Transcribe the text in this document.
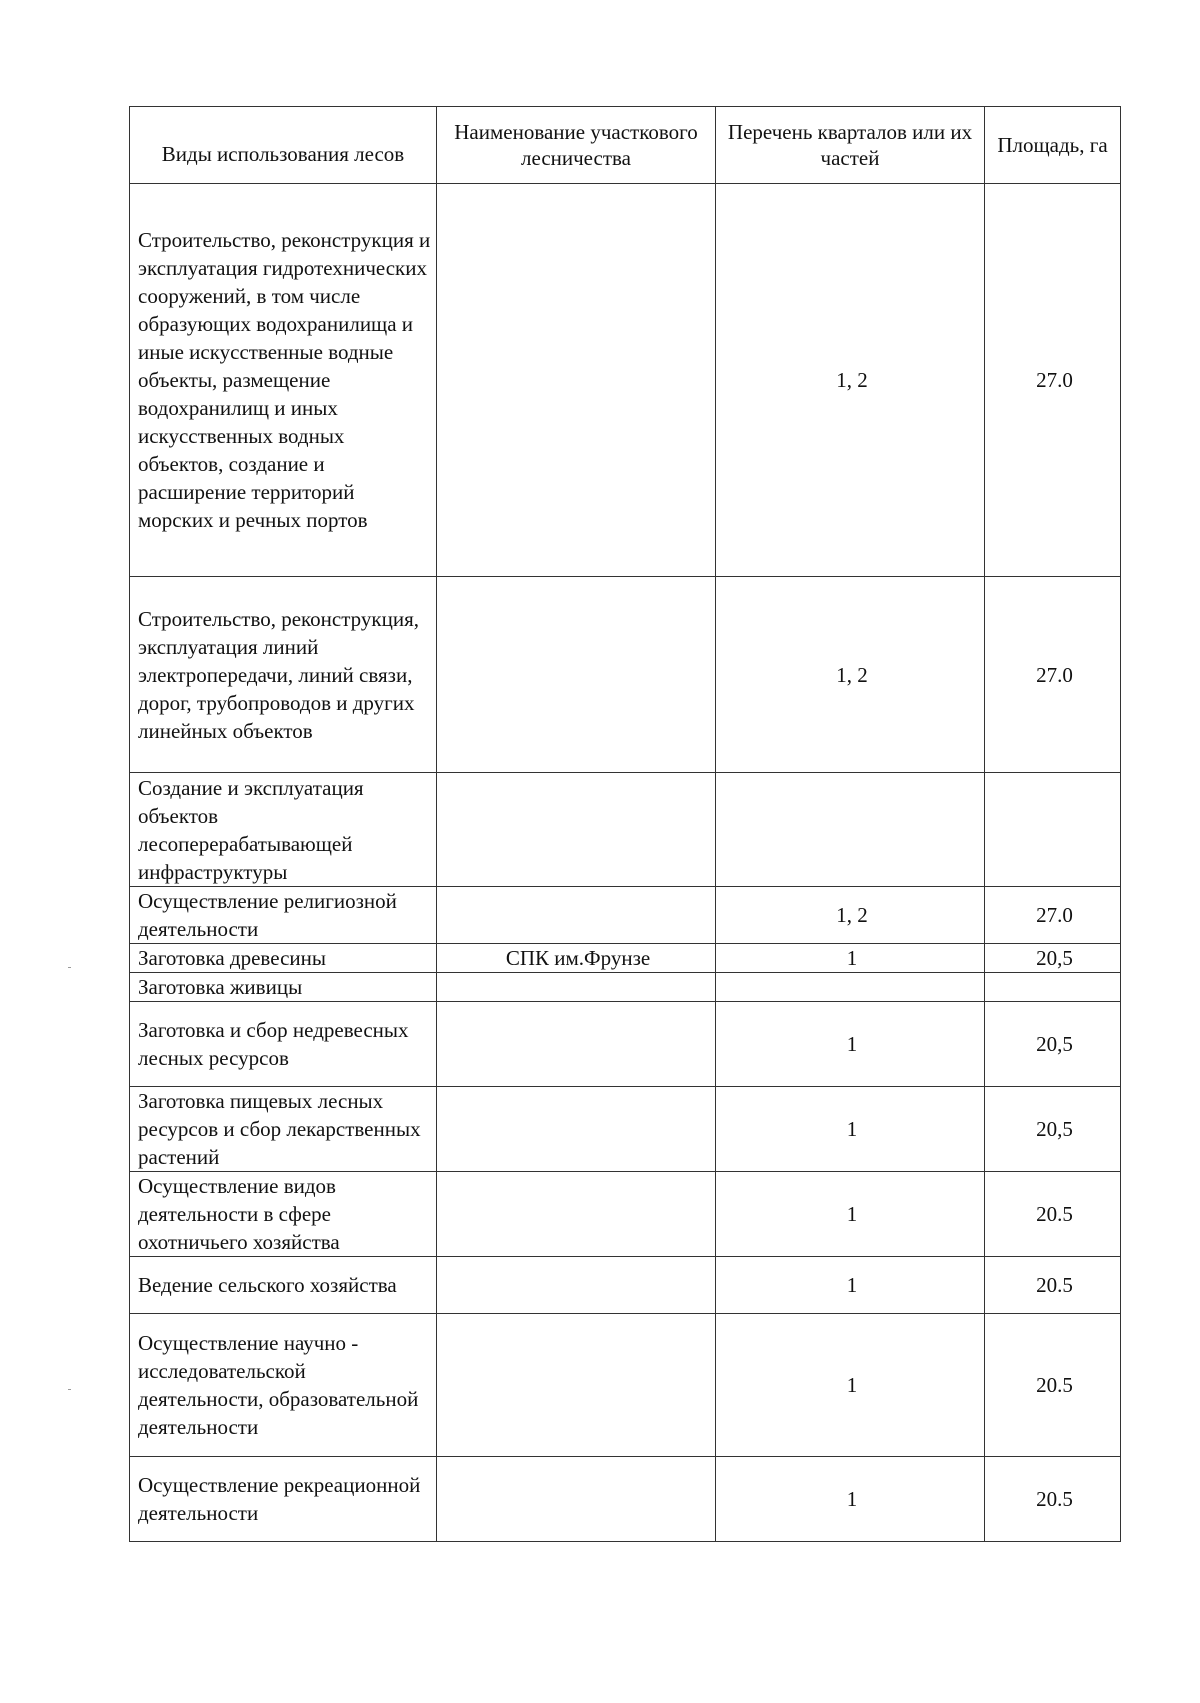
Виды использования лесов	Наименование участкового лесничества	Перечень кварталов или их частей	Площадь, га
Строительство, реконструкция и эксплуатация гидротехнических сооружений, в том числе образующих водохранилища и иные искусственные водные объекты, размещение водохранилищ и иных искусственных водных объектов, создание и расширение территорий морских и речных портов		1, 2	27.0
Строительство, реконструкция, эксплуатация линий электропередачи, линий связи, дорог, трубопроводов и других линейных объектов		1, 2	27.0
Создание и эксплуатация объектов лесоперерабатывающей инфраструктуры			
Осуществление религиозной деятельности		1, 2	27.0
Заготовка древесины	СПК им.Фрунзе	1	20,5
Заготовка живицы			
Заготовка и сбор недревесных лесных ресурсов		1	20,5
Заготовка пищевых лесных ресурсов и сбор лекарственных растений		1	20,5
Осуществление видов деятельности в сфере охотничьего хозяйства		1	20.5
Ведение сельского хозяйства		1	20.5
Осуществление научно - исследовательской деятельности, образовательной деятельности		1	20.5
Осуществление рекреационной деятельности		1	20.5
